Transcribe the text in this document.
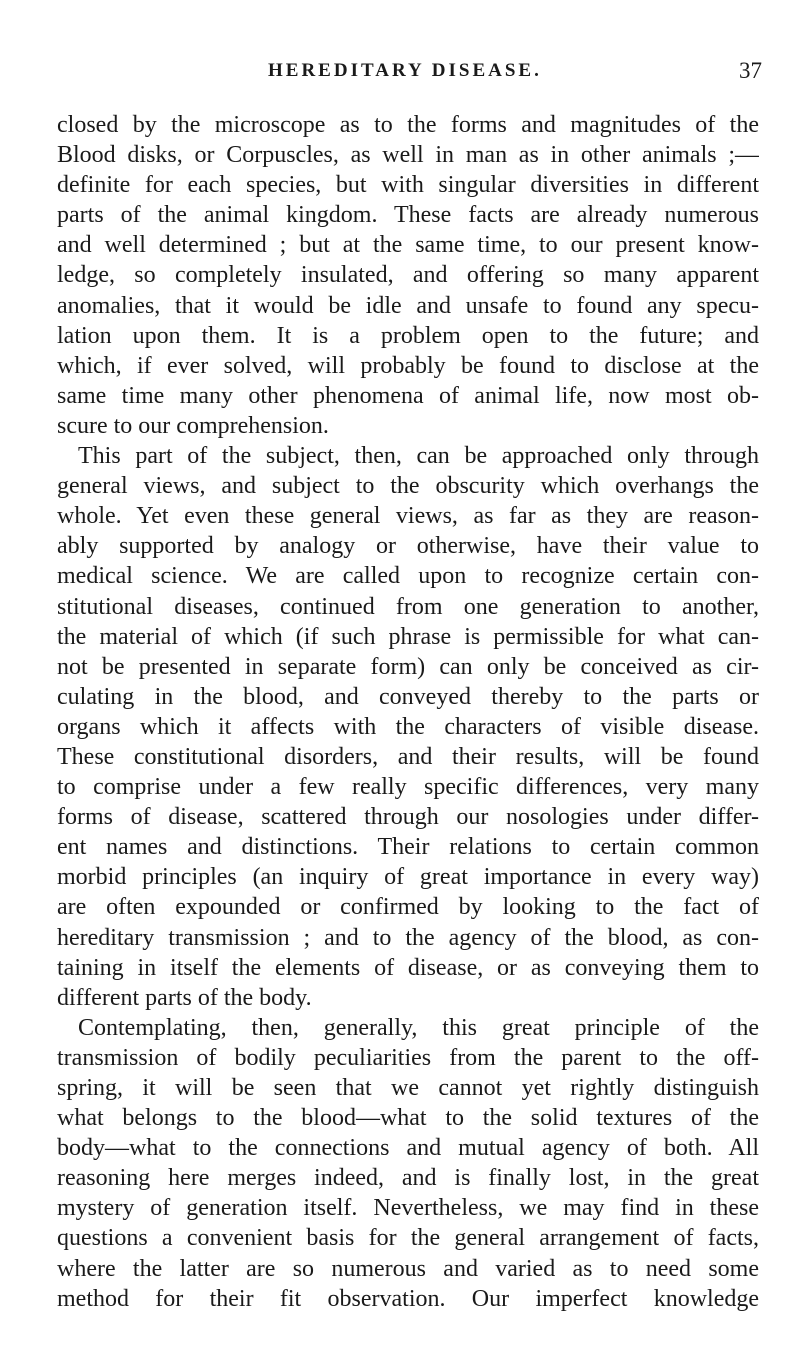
HEREDITARY DISEASE.	37
closed by the microscope as to the forms and magnitudes of the
Blood disks, or Corpuscles, as well in man as in other animals ;—
definite for each species, but with singular diversities in different
parts of the animal kingdom. These facts are already numerous
and well determined ; but at the same time, to our present know-
ledge, so completely insulated, and offering so many apparent
anomalies, that it would be idle and unsafe to found any specu-
lation upon them. It is a problem open to the future; and
which, if ever solved, will probably be found to disclose at the
same time many other phenomena of animal life, now most ob-
scure to our comprehension.
This part of the subject, then, can be approached only through
general views, and subject to the obscurity which overhangs the
whole. Yet even these general views, as far as they are reason-
ably supported by analogy or otherwise, have their value to
medical science. We are called upon to recognize certain con-
stitutional diseases, continued from one generation to another,
the material of which (if such phrase is permissible for what can-
not be presented in separate form) can only be conceived as cir-
culating in the blood, and conveyed thereby to the parts or
organs which it affects with the characters of visible disease.
These constitutional disorders, and their results, will be found
to comprise under a few really specific differences, very many
forms of disease, scattered through our nosologies under differ-
ent names and distinctions. Their relations to certain common
morbid principles (an inquiry of great importance in every way)
are often expounded or confirmed by looking to the fact of
hereditary transmission ; and to the agency of the blood, as con-
taining in itself the elements of disease, or as conveying them to
different parts of the body.
Contemplating, then, generally, this great principle of the
transmission of bodily peculiarities from the parent to the off-
spring, it will be seen that we cannot yet rightly distinguish
what belongs to the blood—what to the solid textures of the
body—what to the connections and mutual agency of both. All
reasoning here merges indeed, and is finally lost, in the great
mystery of generation itself. Nevertheless, we may find in these
questions a convenient basis for the general arrangement of facts,
where the latter are so numerous and varied as to need some
method for their fit observation. Our imperfect knowledge
